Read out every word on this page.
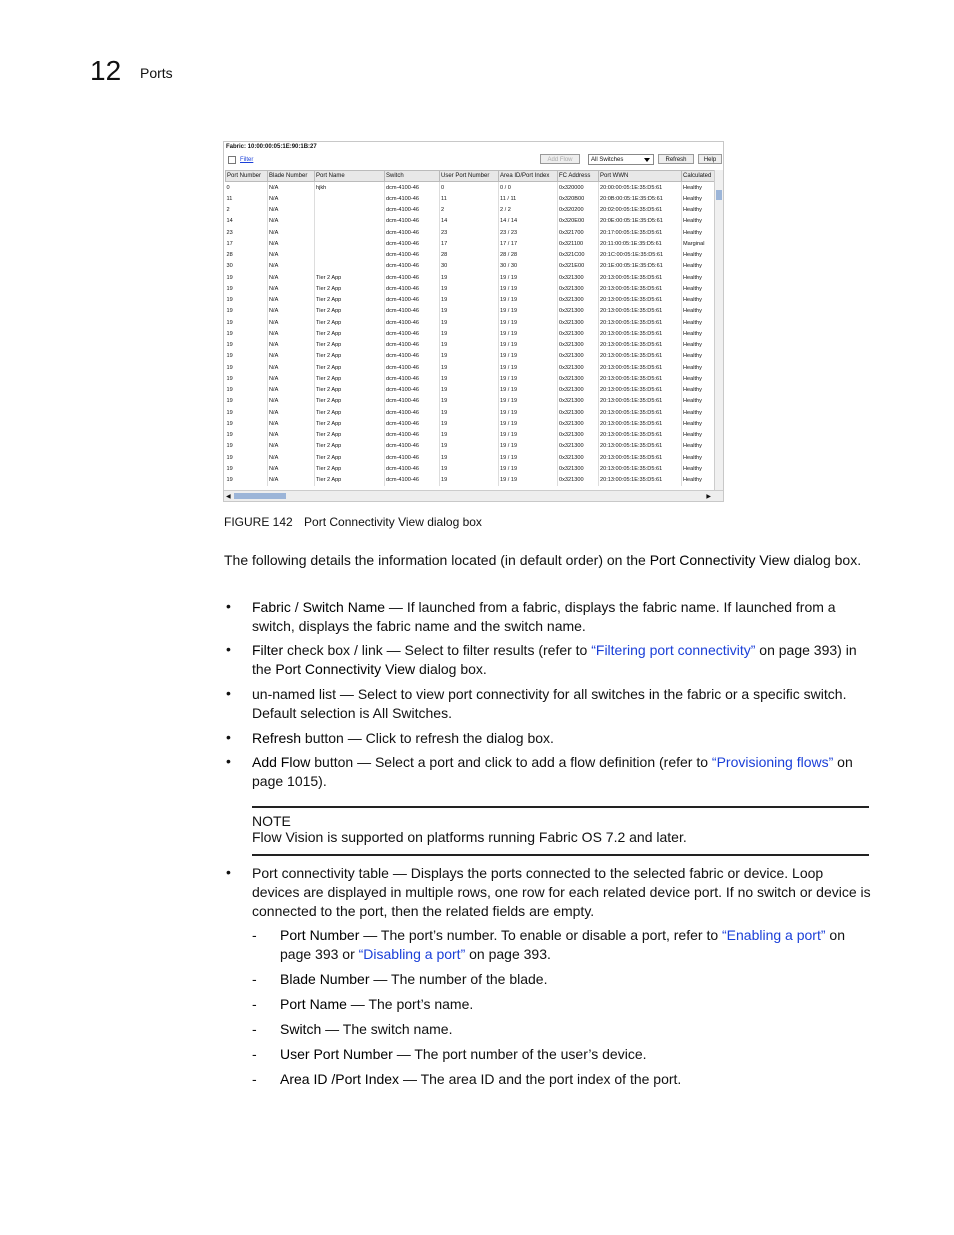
12 Ports
Fabric: 10:00:00:05:1E:90:1B:27
Filter	Add Flow	All Switches	Refresh	Help
Port Number	Blade Number	Port Name	Switch	User Port Number	Area ID/Port Index	FC Address	Port WWN	Calculated
0	N/A	hjkh	dcm-4100-46	0	0 / 0	0x320000	20:00:00:05:1E:35:D5:61	Healthy
11	N/A		dcm-4100-46	11	11 / 11	0x320B00	20:0B:00:05:1E:35:D5:61	Healthy
2	N/A		dcm-4100-46	2	2 / 2	0x320200	20:02:00:05:1E:35:D5:61	Healthy
14	N/A		dcm-4100-46	14	14 / 14	0x320E00	20:0E:00:05:1E:35:D5:61	Healthy
23	N/A		dcm-4100-46	23	23 / 23	0x321700	20:17:00:05:1E:35:D5:61	Healthy
17	N/A		dcm-4100-46	17	17 / 17	0x321100	20:11:00:05:1E:35:D5:61	Marginal
28	N/A		dcm-4100-46	28	28 / 28	0x321C00	20:1C:00:05:1E:35:D5:61	Healthy
30	N/A		dcm-4100-46	30	30 / 30	0x321E00	20:1E:00:05:1E:35:D5:61	Healthy
19	N/A	Tier 2 App	dcm-4100-46	19	19 / 19	0x321300	20:13:00:05:1E:35:D5:61	Healthy
19	N/A	Tier 2 App	dcm-4100-46	19	19 / 19	0x321300	20:13:00:05:1E:35:D5:61	Healthy
19	N/A	Tier 2 App	dcm-4100-46	19	19 / 19	0x321300	20:13:00:05:1E:35:D5:61	Healthy
19	N/A	Tier 2 App	dcm-4100-46	19	19 / 19	0x321300	20:13:00:05:1E:35:D5:61	Healthy
19	N/A	Tier 2 App	dcm-4100-46	19	19 / 19	0x321300	20:13:00:05:1E:35:D5:61	Healthy
19	N/A	Tier 2 App	dcm-4100-46	19	19 / 19	0x321300	20:13:00:05:1E:35:D5:61	Healthy
19	N/A	Tier 2 App	dcm-4100-46	19	19 / 19	0x321300	20:13:00:05:1E:35:D5:61	Healthy
19	N/A	Tier 2 App	dcm-4100-46	19	19 / 19	0x321300	20:13:00:05:1E:35:D5:61	Healthy
19	N/A	Tier 2 App	dcm-4100-46	19	19 / 19	0x321300	20:13:00:05:1E:35:D5:61	Healthy
19	N/A	Tier 2 App	dcm-4100-46	19	19 / 19	0x321300	20:13:00:05:1E:35:D5:61	Healthy
19	N/A	Tier 2 App	dcm-4100-46	19	19 / 19	0x321300	20:13:00:05:1E:35:D5:61	Healthy
19	N/A	Tier 2 App	dcm-4100-46	19	19 / 19	0x321300	20:13:00:05:1E:35:D5:61	Healthy
19	N/A	Tier 2 App	dcm-4100-46	19	19 / 19	0x321300	20:13:00:05:1E:35:D5:61	Healthy
19	N/A	Tier 2 App	dcm-4100-46	19	19 / 19	0x321300	20:13:00:05:1E:35:D5:61	Healthy
19	N/A	Tier 2 App	dcm-4100-46	19	19 / 19	0x321300	20:13:00:05:1E:35:D5:61	Healthy
19	N/A	Tier 2 App	dcm-4100-46	19	19 / 19	0x321300	20:13:00:05:1E:35:D5:61	Healthy
19	N/A	Tier 2 App	dcm-4100-46	19	19 / 19	0x321300	20:13:00:05:1E:35:D5:61	Healthy
19	N/A	Tier 2 App	dcm-4100-46	19	19 / 19	0x321300	20:13:00:05:1E:35:D5:61	Healthy
19	N/A	Tier 2 App	dcm-4100-46	19	19 / 19	0x321300	20:13:00:05:1E:35:D5:61	Healthy
◀	▶
FIGURE 142 Port Connectivity View dialog box
The following details the information located (in default order) on the Port Connectivity View dialog box.
• Fabric / Switch Name — If launched from a fabric, displays the fabric name. If launched from a switch, displays the fabric name and the switch name.
• Filter check box / link — Select to filter results (refer to “Filtering port connectivity” on page 393) in the Port Connectivity View dialog box.
• un-named list — Select to view port connectivity for all switches in the fabric or a specific switch. Default selection is All Switches.
• Refresh button — Click to refresh the dialog box.
• Add Flow button — Select a port and click to add a flow definition (refer to “Provisioning flows” on page 1015).
NOTE
Flow Vision is supported on platforms running Fabric OS 7.2 and later.
• Port connectivity table — Displays the ports connected to the selected fabric or device. Loop devices are displayed in multiple rows, one row for each related device port. If no switch or device is connected to the port, then the related fields are empty.
- Port Number — The port’s number. To enable or disable a port, refer to “Enabling a port” on page 393 or “Disabling a port” on page 393.
- Blade Number — The number of the blade.
- Port Name — The port’s name.
- Switch — The switch name.
- User Port Number — The port number of the user’s device.
- Area ID /Port Index — The area ID and the port index of the port.
